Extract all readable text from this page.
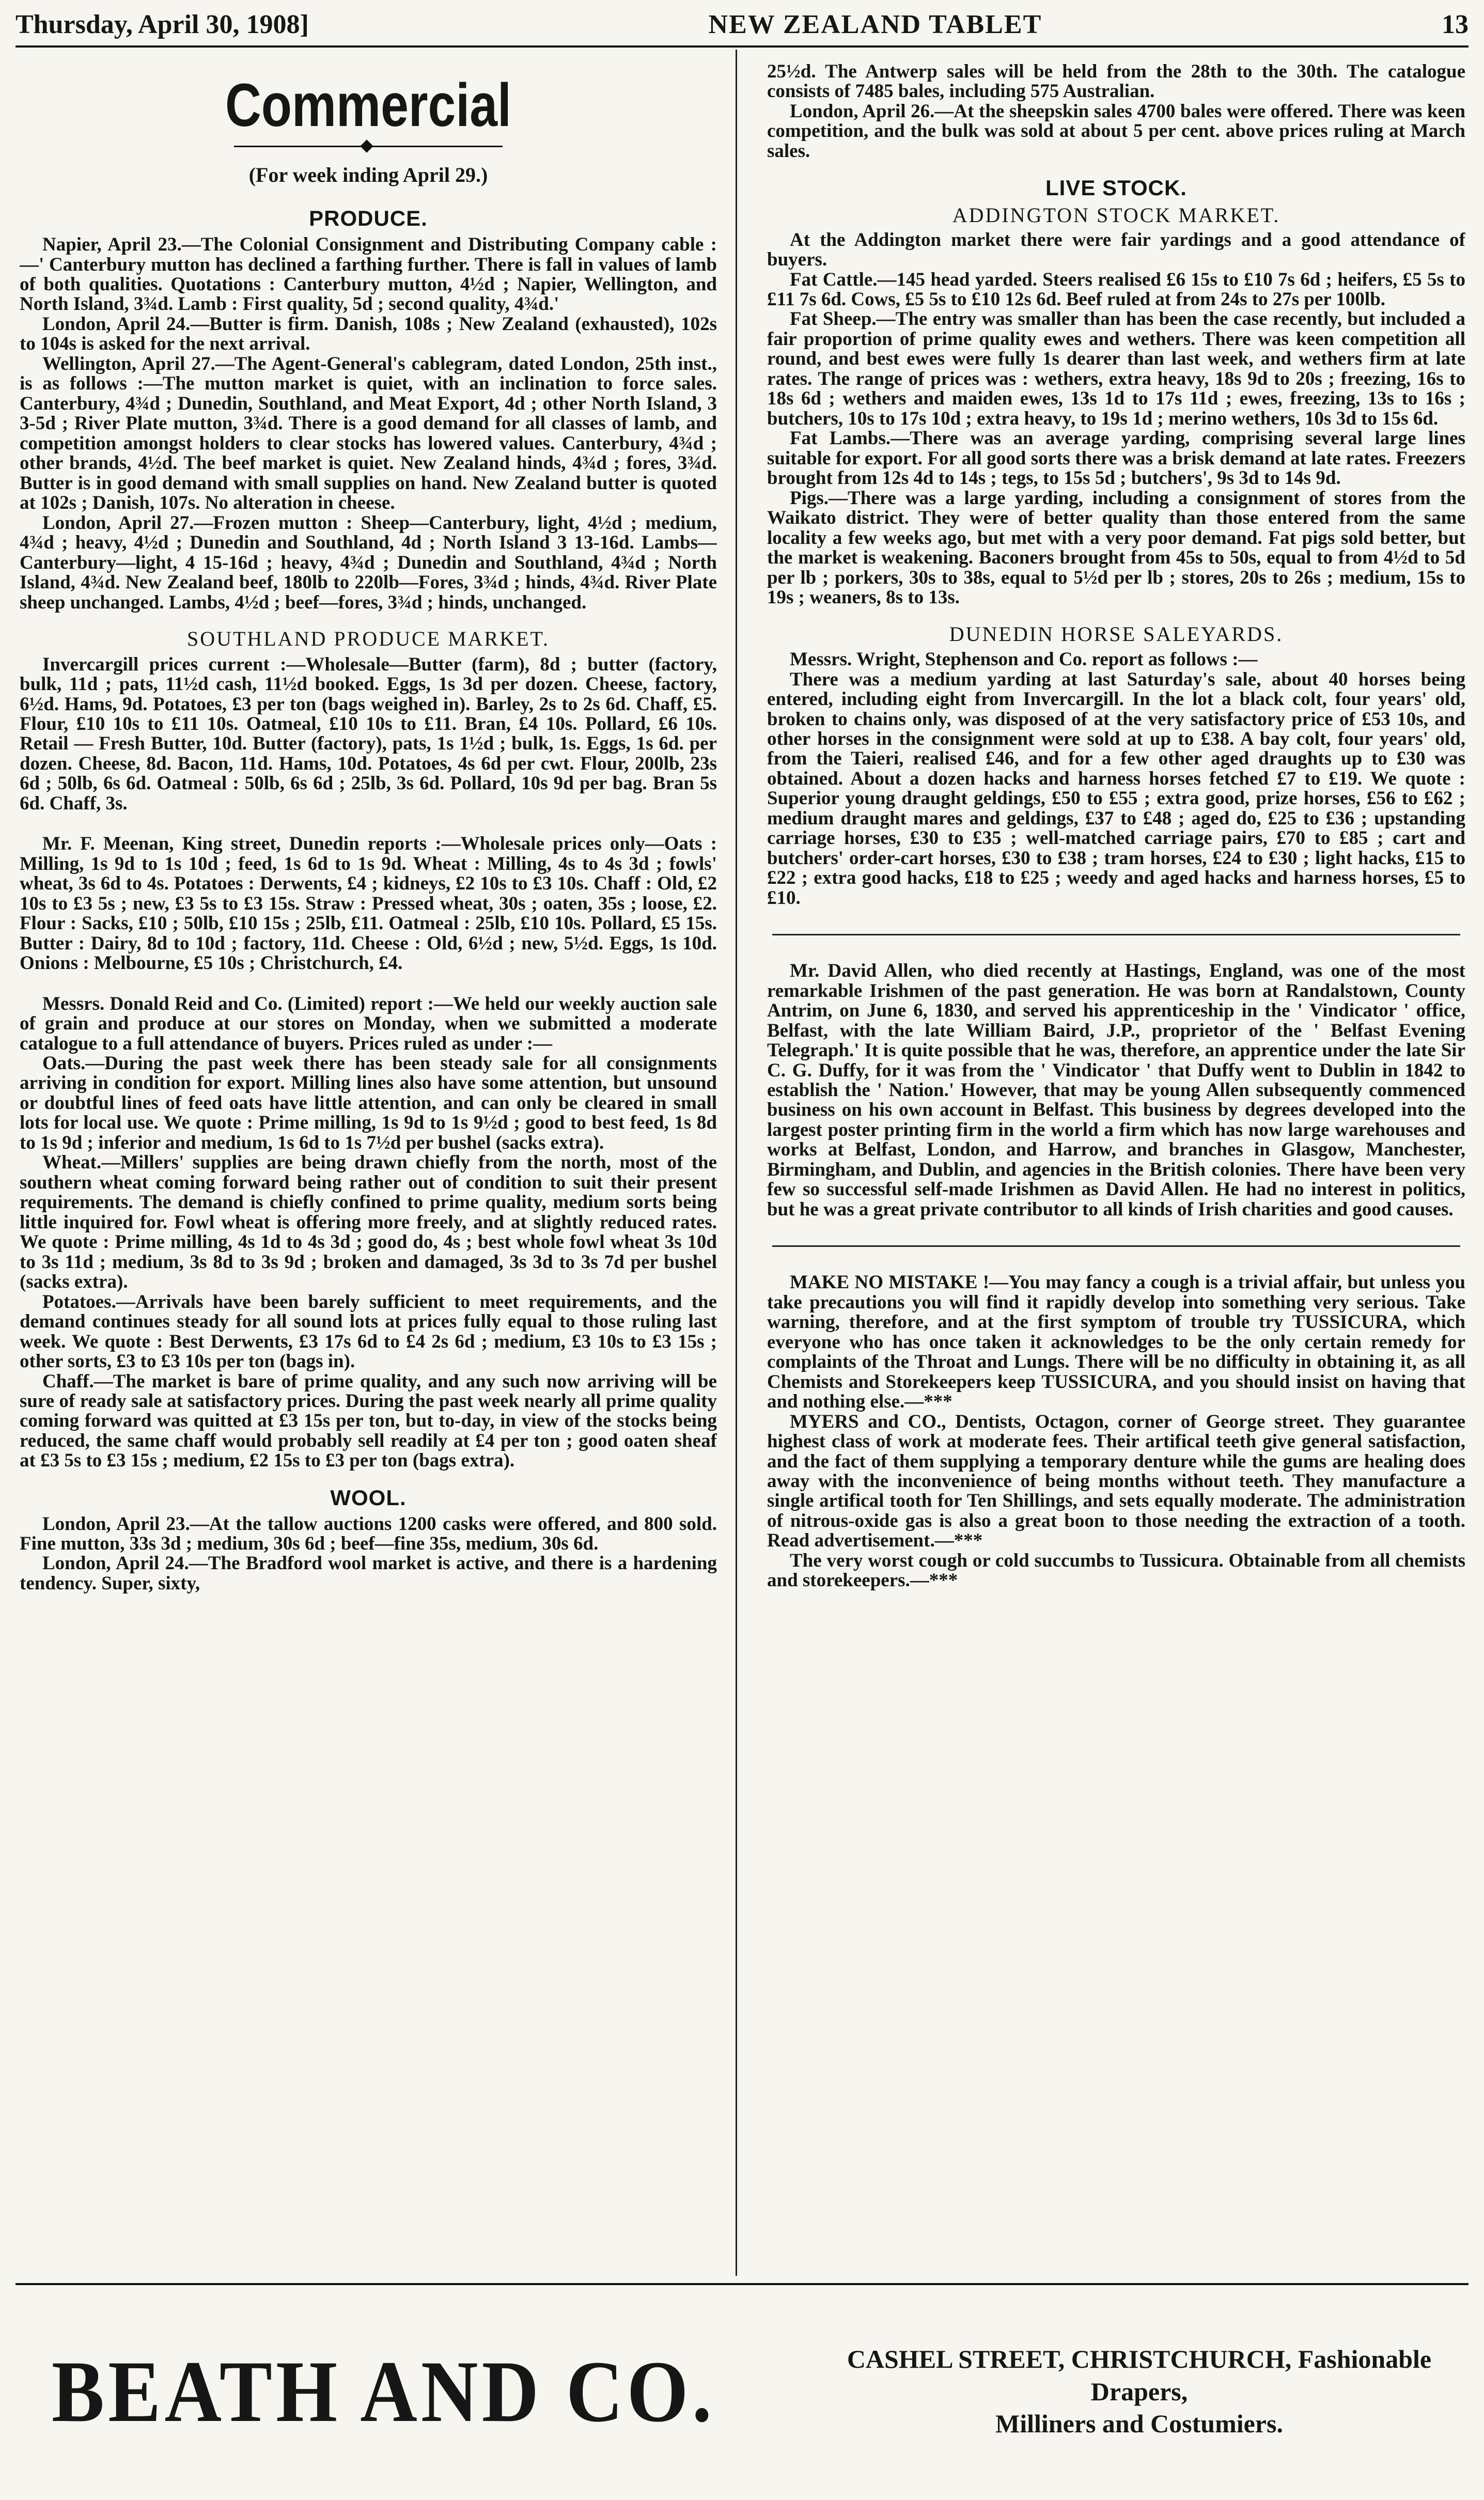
Thursday, April 30, 1908]	NEW ZEALAND TABLET	13
Commercial
(For week inding April 29.)
PRODUCE.

Napier, April 23.—The Colonial Consignment and Distributing Company cable :—' Canterbury mutton has declined a farthing further. There is fall in values of lamb of both qualities. Quotations : Canterbury mutton, 4½d ; Napier, Wellington, and North Island, 3¾d. Lamb : First quality, 5d ; second quality, 4¾d.'

London, April 24.—Butter is firm. Danish, 108s ; New Zealand (exhausted), 102s to 104s is asked for the next arrival.

Wellington, April 27.—The Agent-General's cablegram, dated London, 25th inst., is as follows :—The mutton market is quiet, with an inclination to force sales. Canterbury, 4¾d ; Dunedin, Southland, and Meat Export, 4d ; other North Island, 3 3-5d ; River Plate mutton, 3¾d. There is a good demand for all classes of lamb, and competition amongst holders to clear stocks has lowered values. Canterbury, 4¾d ; other brands, 4½d. The beef market is quiet. New Zealand hinds, 4¾d ; fores, 3¾d. Butter is in good demand with small supplies on hand. New Zealand butter is quoted at 102s ; Danish, 107s. No alteration in cheese.

London, April 27.—Frozen mutton : Sheep—Canterbury, light, 4½d ; medium, 4¾d ; heavy, 4½d ; Dunedin and Southland, 4d ; North Island 3 13-16d. Lambs—Canterbury—light, 4 15-16d ; heavy, 4¾d ; Dunedin and Southland, 4¾d ; North Island, 4¾d. New Zealand beef, 180lb to 220lb—Fores, 3¾d ; hinds, 4¾d. River Plate sheep unchanged. Lambs, 4½d ; beef—fores, 3¾d ; hinds, unchanged.

SOUTHLAND PRODUCE MARKET.

Invercargill prices current :—Wholesale—Butter (farm), 8d ; butter (factory, bulk, 11d ; pats, 11½d cash, 11½d booked. Eggs, 1s 3d per dozen. Cheese, factory, 6½d. Hams, 9d. Potatoes, £3 per ton (bags weighed in). Barley, 2s to 2s 6d. Chaff, £5. Flour, £10 10s to £11 10s. Oatmeal, £10 10s to £11. Bran, £4 10s. Pollard, £6 10s. Retail — Fresh Butter, 10d. Butter (factory), pats, 1s 1½d ; bulk, 1s. Eggs, 1s 6d. per dozen. Cheese, 8d. Bacon, 11d. Hams, 10d. Potatoes, 4s 6d per cwt. Flour, 200lb, 23s 6d ; 50lb, 6s 6d. Oatmeal : 50lb, 6s 6d ; 25lb, 3s 6d. Pollard, 10s 9d per bag. Bran 5s 6d. Chaff, 3s.

Mr. F. Meenan, King street, Dunedin reports :—Wholesale prices only—Oats : Milling, 1s 9d to 1s 10d ; feed, 1s 6d to 1s 9d. Wheat : Milling, 4s to 4s 3d ; fowls' wheat, 3s 6d to 4s. Potatoes : Derwents, £4 ; kidneys, £2 10s to £3 10s. Chaff : Old, £2 10s to £3 5s ; new, £3 5s to £3 15s. Straw : Pressed wheat, 30s ; oaten, 35s ; loose, £2. Flour : Sacks, £10 ; 50lb, £10 15s ; 25lb, £11. Oatmeal : 25lb, £10 10s. Pollard, £5 15s. Butter : Dairy, 8d to 10d ; factory, 11d. Cheese : Old, 6½d ; new, 5½d. Eggs, 1s 10d. Onions : Melbourne, £5 10s ; Christchurch, £4.

Messrs. Donald Reid and Co. (Limited) report :—We held our weekly auction sale of grain and produce at our stores on Monday, when we submitted a moderate catalogue to a full attendance of buyers. Prices ruled as under :—

Oats.—During the past week there has been steady sale for all consignments arriving in condition for export. Milling lines also have some attention, but unsound or doubtful lines of feed oats have little attention, and can only be cleared in small lots for local use. We quote : Prime milling, 1s 9d to 1s 9½d ; good to best feed, 1s 8d to 1s 9d ; inferior and medium, 1s 6d to 1s 7½d per bushel (sacks extra).

Wheat.—Millers' supplies are being drawn chiefly from the north, most of the southern wheat coming forward being rather out of condition to suit their present requirements. The demand is chiefly confined to prime quality, medium sorts being little inquired for. Fowl wheat is offering more freely, and at slightly reduced rates. We quote : Prime milling, 4s 1d to 4s 3d ; good do, 4s ; best whole fowl wheat 3s 10d to 3s 11d ; medium, 3s 8d to 3s 9d ; broken and damaged, 3s 3d to 3s 7d per bushel (sacks extra).

Potatoes.—Arrivals have been barely sufficient to meet requirements, and the demand continues steady for all sound lots at prices fully equal to those ruling last week. We quote : Best Derwents, £3 17s 6d to £4 2s 6d ; medium, £3 10s to £3 15s ; other sorts, £3 to £3 10s per ton (bags in).

Chaff.—The market is bare of prime quality, and any such now arriving will be sure of ready sale at satisfactory prices. During the past week nearly all prime quality coming forward was quitted at £3 15s per ton, but to-day, in view of the stocks being reduced, the same chaff would probably sell readily at £4 per ton ; good oaten sheaf at £3 5s to £3 15s ; medium, £2 15s to £3 per ton (bags extra).

WOOL.

London, April 23.—At the tallow auctions 1200 casks were offered, and 800 sold. Fine mutton, 33s 3d ; medium, 30s 6d ; beef—fine 35s, medium, 30s 6d.

London, April 24.—The Bradford wool market is active, and there is a hardening tendency. Super, sixty,

25½d. The Antwerp sales will be held from the 28th to the 30th. The catalogue consists of 7485 bales, including 575 Australian.

London, April 26.—At the sheepskin sales 4700 bales were offered. There was keen competition, and the bulk was sold at about 5 per cent. above prices ruling at March sales.

LIVE STOCK.
ADDINGTON STOCK MARKET.

At the Addington market there were fair yardings and a good attendance of buyers.

Fat Cattle.—145 head yarded. Steers realised £6 15s to £10 7s 6d ; heifers, £5 5s to £11 7s 6d. Cows, £5 5s to £10 12s 6d. Beef ruled at from 24s to 27s per 100lb.

Fat Sheep.—The entry was smaller than has been the case recently, but included a fair proportion of prime quality ewes and wethers. There was keen competition all round, and best ewes were fully 1s dearer than last week, and wethers firm at late rates. The range of prices was : wethers, extra heavy, 18s 9d to 20s ; freezing, 16s to 18s 6d ; wethers and maiden ewes, 13s 1d to 17s 11d ; ewes, freezing, 13s to 16s ; butchers, 10s to 17s 10d ; extra heavy, to 19s 1d ; merino wethers, 10s 3d to 15s 6d.

Fat Lambs.—There was an average yarding, comprising several large lines suitable for export. For all good sorts there was a brisk demand at late rates. Freezers brought from 12s 4d to 14s ; tegs, to 15s 5d ; butchers', 9s 3d to 14s 9d.

Pigs.—There was a large yarding, including a consignment of stores from the Waikato district. They were of better quality than those entered from the same locality a few weeks ago, but met with a very poor demand. Fat pigs sold better, but the market is weakening. Baconers brought from 45s to 50s, equal to from 4½d to 5d per lb ; porkers, 30s to 38s, equal to 5½d per lb ; stores, 20s to 26s ; medium, 15s to 19s ; weaners, 8s to 13s.

DUNEDIN HORSE SALEYARDS.

Messrs. Wright, Stephenson and Co. report as follows :—

There was a medium yarding at last Saturday's sale, about 40 horses being entered, including eight from Invercargill. In the lot a black colt, four years' old, broken to chains only, was disposed of at the very satisfactory price of £53 10s, and other horses in the consignment were sold at up to £38. A bay colt, four years' old, from the Taieri, realised £46, and for a few other aged draughts up to £30 was obtained. About a dozen hacks and harness horses fetched £7 to £19. We quote : Superior young draught geldings, £50 to £55 ; extra good, prize horses, £56 to £62 ; medium draught mares and geldings, £37 to £48 ; aged do, £25 to £36 ; upstanding carriage horses, £30 to £35 ; well-matched carriage pairs, £70 to £85 ; cart and butchers' order-cart horses, £30 to £38 ; tram horses, £24 to £30 ; light hacks, £15 to £22 ; extra good hacks, £18 to £25 ; weedy and aged hacks and harness horses, £5 to £10.

Mr. David Allen, who died recently at Hastings, England, was one of the most remarkable Irishmen of the past generation. He was born at Randalstown, County Antrim, on June 6, 1830, and served his apprenticeship in the ' Vindicator ' office, Belfast, with the late William Baird, J.P., proprietor of the ' Belfast Evening Telegraph.' It is quite possible that he was, therefore, an apprentice under the late Sir C. G. Duffy, for it was from the ' Vindicator ' that Duffy went to Dublin in 1842 to establish the ' Nation.' However, that may be young Allen subsequently commenced business on his own account in Belfast. This business by degrees developed into the largest poster printing firm in the world a firm which has now large warehouses and works at Belfast, London, and Harrow, and branches in Glasgow, Manchester, Birmingham, and Dublin, and agencies in the British colonies. There have been very few so successful self-made Irishmen as David Allen. He had no interest in politics, but he was a great private contributor to all kinds of Irish charities and good causes.

MAKE NO MISTAKE !—You may fancy a cough is a trivial affair, but unless you take precautions you will find it rapidly develop into something very serious. Take warning, therefore, and at the first symptom of trouble try TUSSICURA, which everyone who has once taken it acknowledges to be the only certain remedy for complaints of the Throat and Lungs. There will be no difficulty in obtaining it, as all Chemists and Storekeepers keep TUSSICURA, and you should insist on having that and nothing else.—***

MYERS and CO., Dentists, Octagon, corner of George street. They guarantee highest class of work at moderate fees. Their artifical teeth give general satisfaction, and the fact of them supplying a temporary denture while the gums are healing does away with the inconvenience of being months without teeth. They manufacture a single artifical tooth for Ten Shillings, and sets equally moderate. The administration of nitrous-oxide gas is also a great boon to those needing the extraction of a tooth. Read advertisement.—***

The very worst cough or cold succumbs to Tussicura. Obtainable from all chemists and storekeepers.—***

BEATH AND CO.	CASHEL STREET, CHRISTCHURCH, Fashionable Drapers,
Milliners and Costumiers.
